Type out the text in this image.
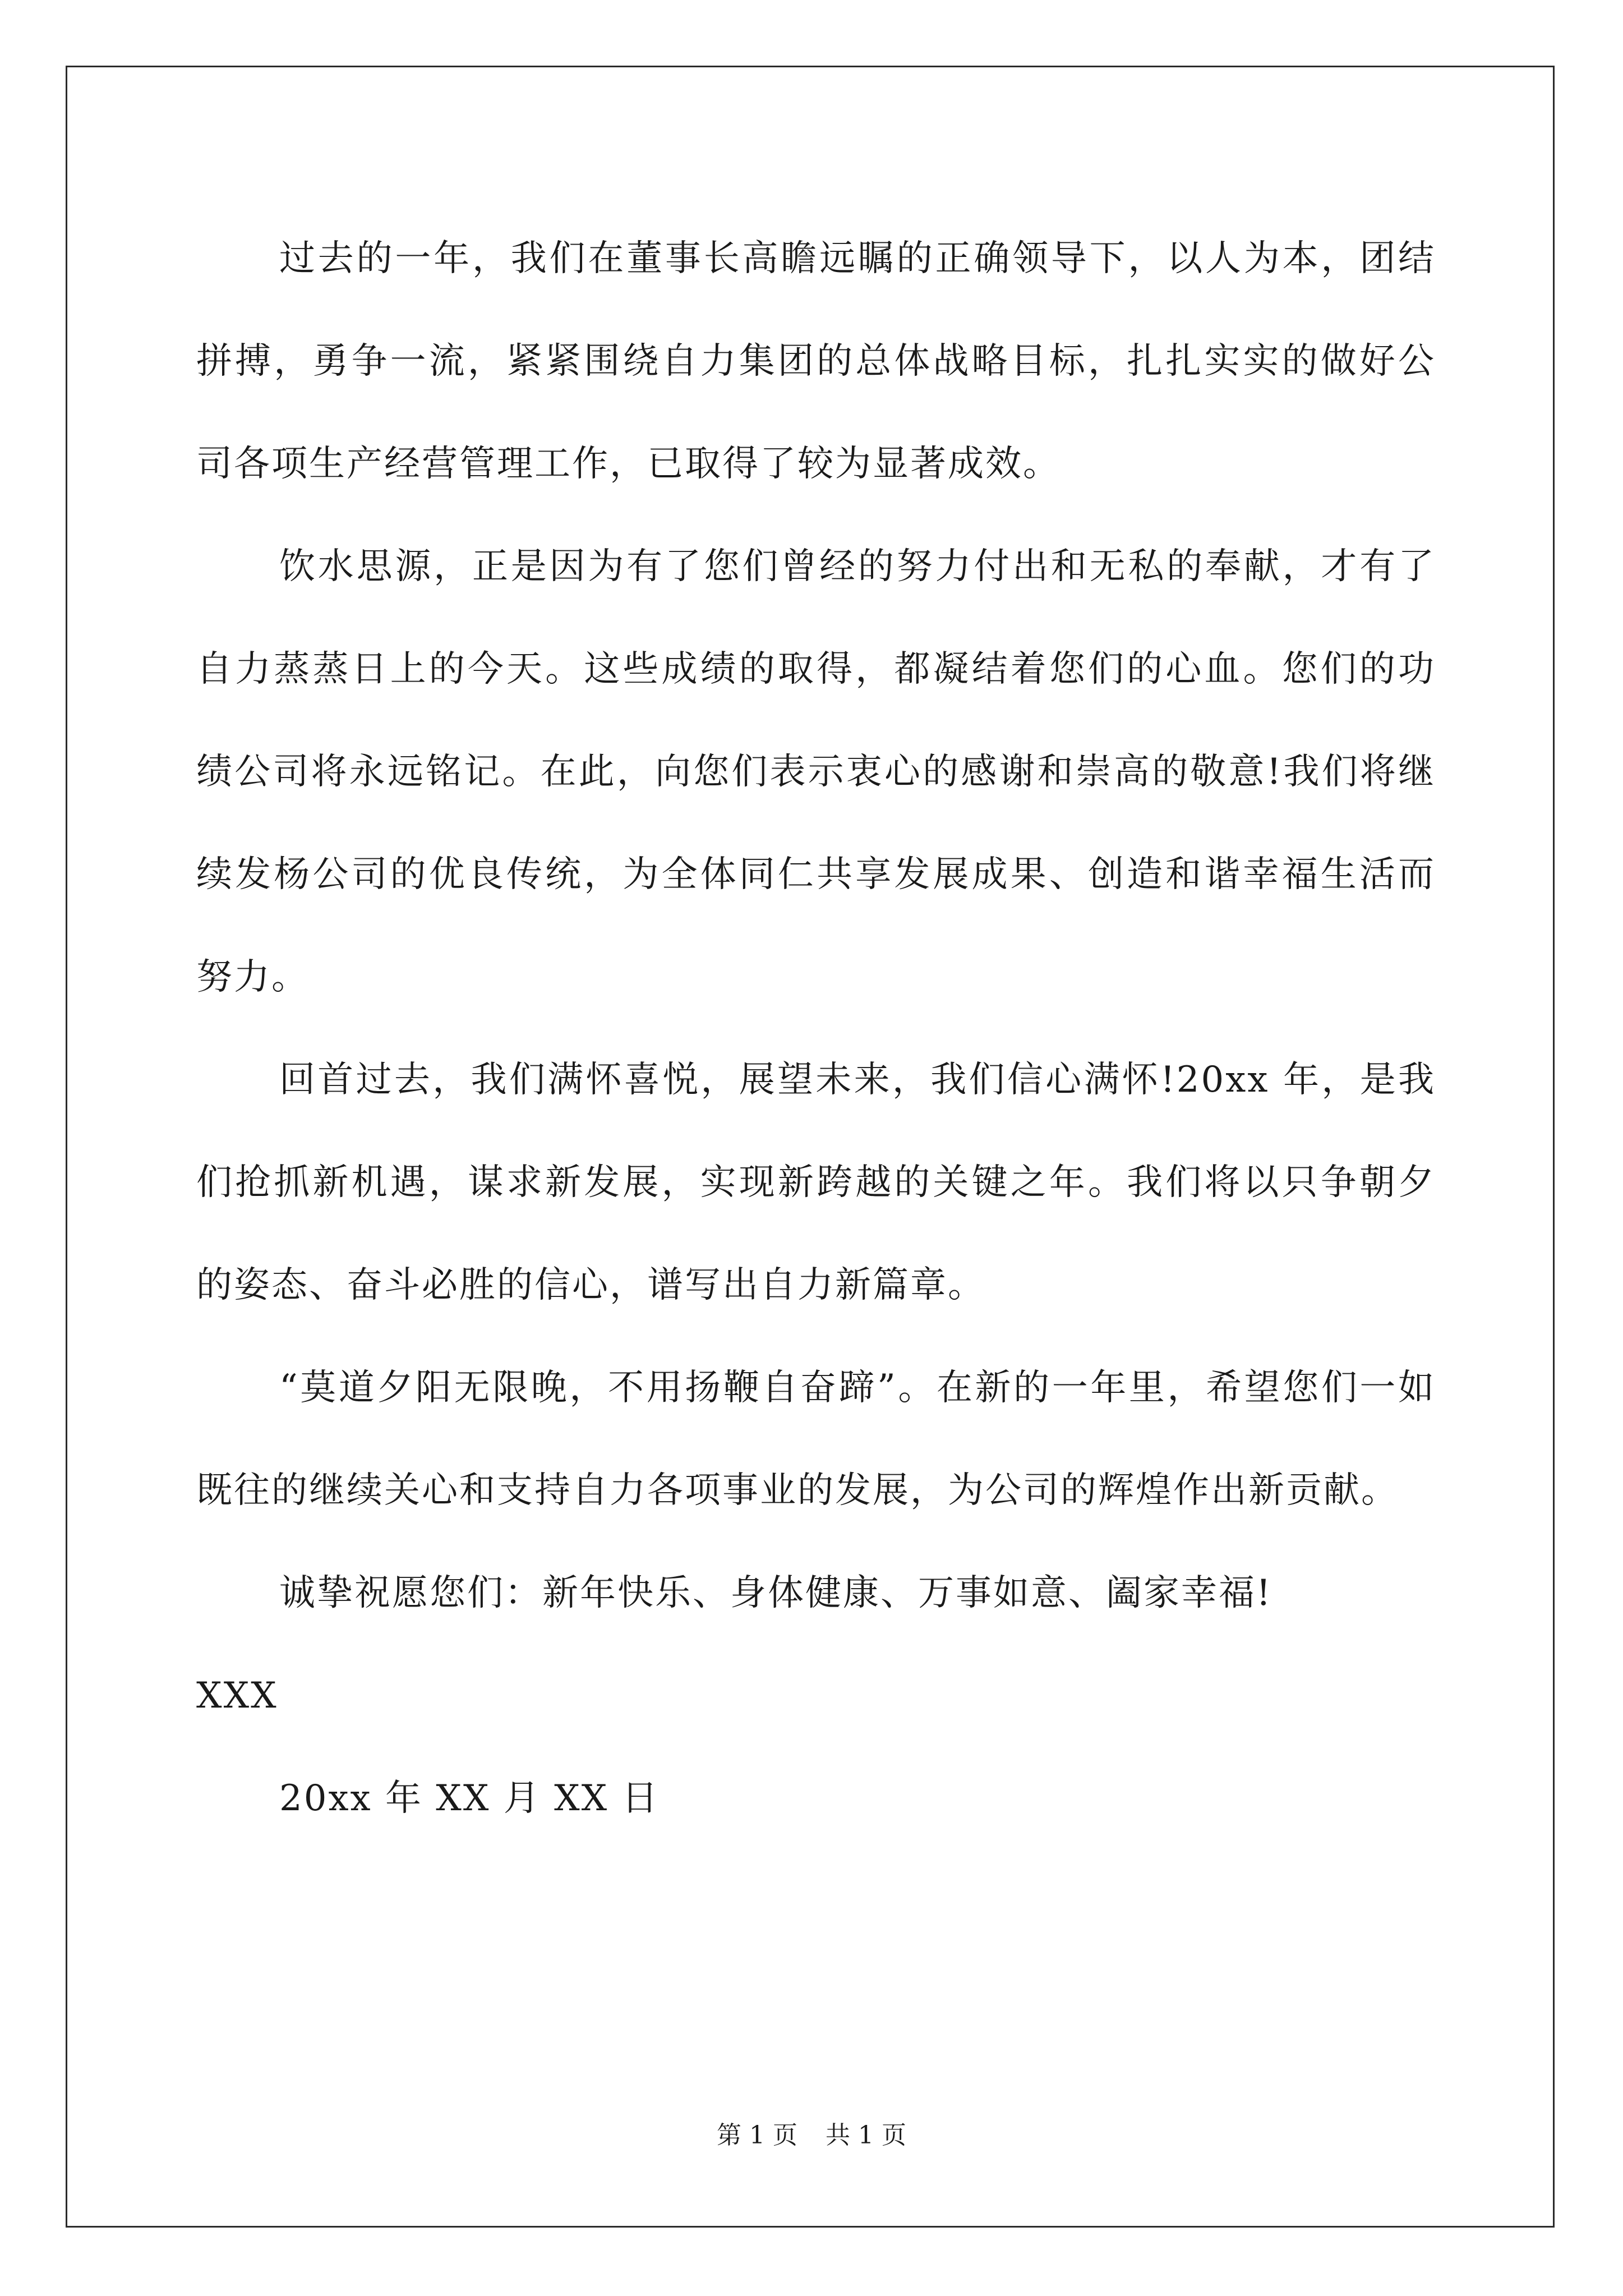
过去的一年，我们在董事长高瞻远瞩的正确领导下，以人为本，团结拼搏，勇争一流，紧紧围绕自力集团的总体战略目标，扎扎实实的做好公司各项生产经营管理工作，已取得了较为显著成效。

饮水思源，正是因为有了您们曾经的努力付出和无私的奉献，才有了自力蒸蒸日上的今天。这些成绩的取得，都凝结着您们的心血。您们的功绩公司将永远铭记。在此，向您们表示衷心的感谢和崇高的敬意!我们将继续发杨公司的优良传统，为全体同仁共享发展成果、创造和谐幸福生活而努力。

回首过去，我们满怀喜悦，展望未来，我们信心满怀!20xx 年，是我们抢抓新机遇，谋求新发展，实现新跨越的关键之年。我们将以只争朝夕的姿态、奋斗必胜的信心，谱写出自力新篇章。

“莫道夕阳无限晚，不用扬鞭自奋蹄”。在新的一年里，希望您们一如既往的继续关心和支持自力各项事业的发展，为公司的辉煌作出新贡献。

诚挚祝愿您们：新年快乐、身体健康、万事如意、阖家幸福!

XXX

20xx 年 XX 月 XX 日

第 1 页 共 1 页
